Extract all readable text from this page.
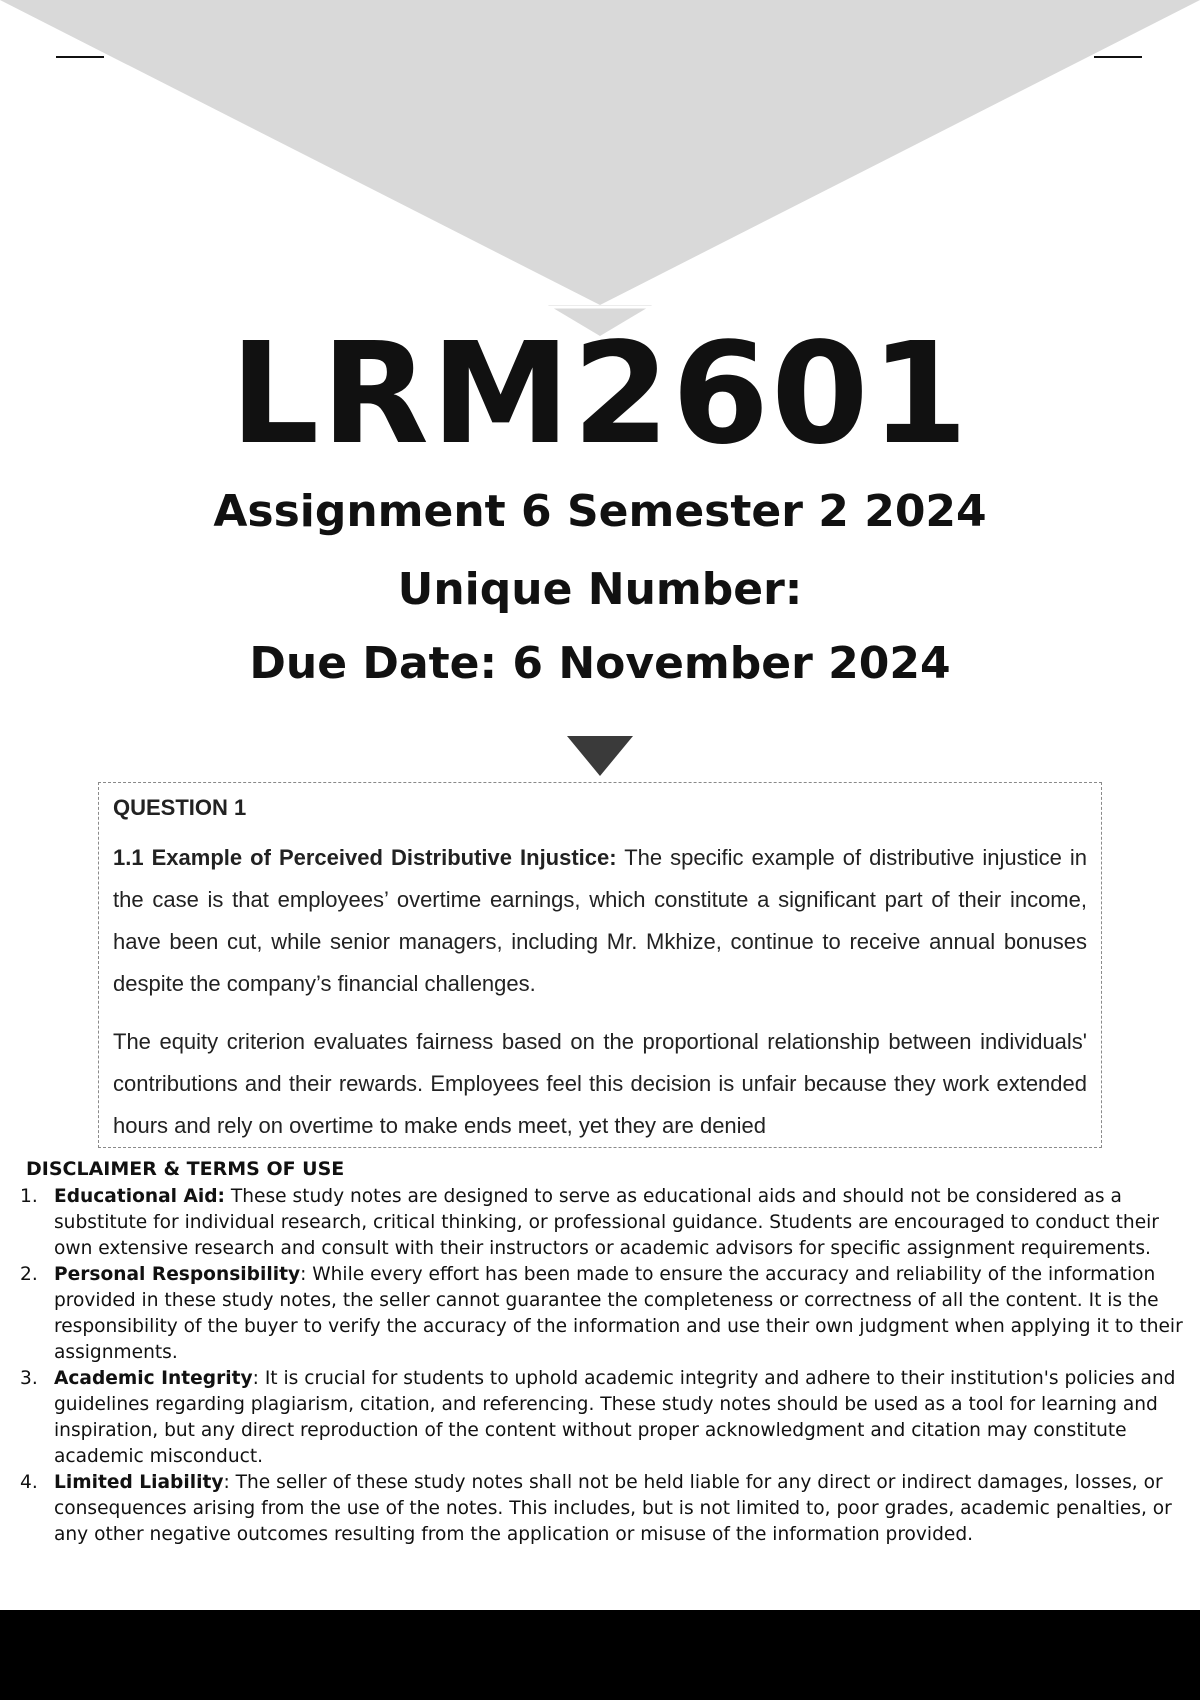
LRM2601
Assignment 6 Semester 2 2024
Unique Number:
Due Date: 6 November 2024
QUESTION 1

1.1 Example of Perceived Distributive Injustice: The specific example of distributive injustice in the case is that employees’ overtime earnings, which constitute a significant part of their income, have been cut, while senior managers, including Mr. Mkhize, continue to receive annual bonuses despite the company’s financial challenges.

The equity criterion evaluates fairness based on the proportional relationship between individuals' contributions and their rewards. Employees feel this decision is unfair because they work extended hours and rely on overtime to make ends meet, yet they are denied

DISCLAIMER & TERMS OF USE
1. Educational Aid: These study notes are designed to serve as educational aids and should not be considered as a substitute for individual research, critical thinking, or professional guidance. Students are encouraged to conduct their own extensive research and consult with their instructors or academic advisors for specific assignment requirements.
2. Personal Responsibility: While every effort has been made to ensure the accuracy and reliability of the information provided in these study notes, the seller cannot guarantee the completeness or correctness of all the content. It is the responsibility of the buyer to verify the accuracy of the information and use their own judgment when applying it to their assignments.
3. Academic Integrity: It is crucial for students to uphold academic integrity and adhere to their institution's policies and guidelines regarding plagiarism, citation, and referencing. These study notes should be used as a tool for learning and inspiration, but any direct reproduction of the content without proper acknowledgment and citation may constitute academic misconduct.
4. Limited Liability: The seller of these study notes shall not be held liable for any direct or indirect damages, losses, or consequences arising from the use of the notes. This includes, but is not limited to, poor grades, academic penalties, or any other negative outcomes resulting from the application or misuse of the information provided.
